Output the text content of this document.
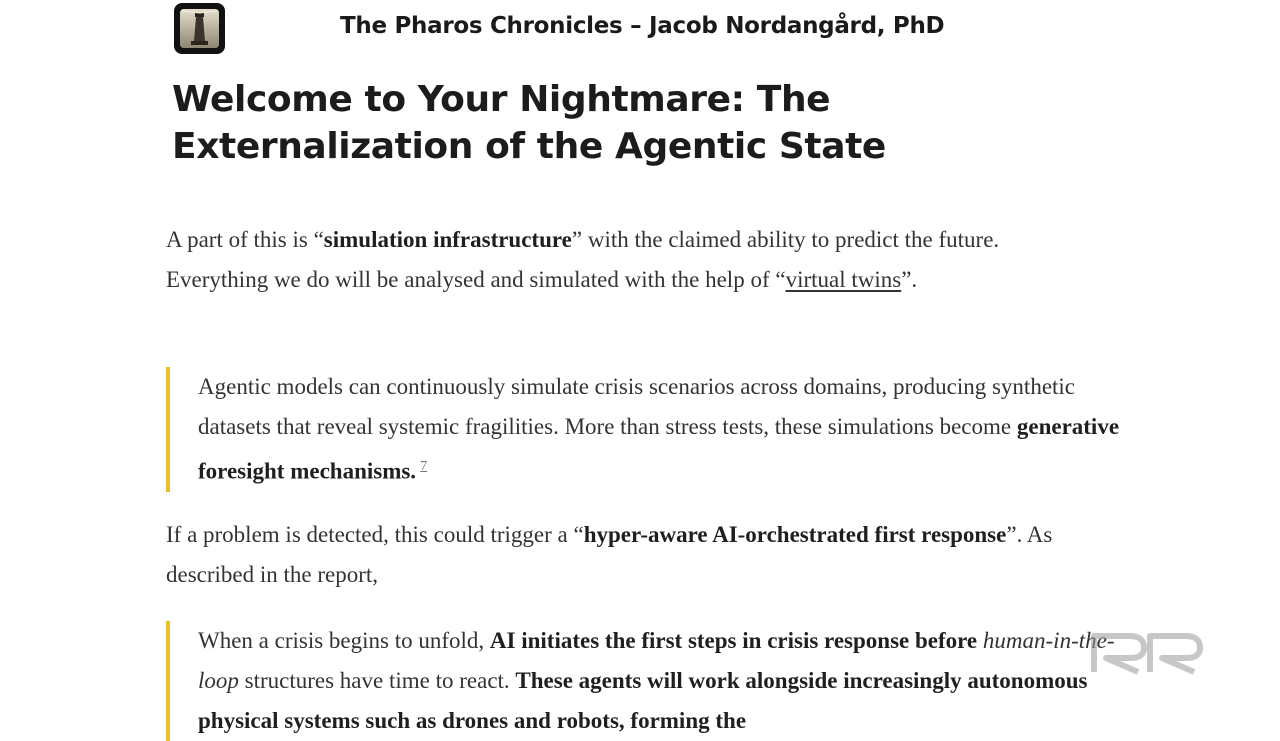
The Pharos Chronicles – Jacob Nordangård, PhD
Welcome to Your Nightmare: The Externalization of the Agentic State

A part of this is “simulation infrastructure” with the claimed ability to predict the future. Everything we do will be analysed and simulated with the help of “virtual twins”.

Agentic models can continuously simulate crisis scenarios across domains, producing synthetic datasets that reveal systemic fragilities. More than stress tests, these simulations become generative foresight mechanisms. $^7$

If a problem is detected, this could trigger a “hyper-aware AI-orchestrated first response”. As described in the report,

When a crisis begins to unfold, AI initiates the first steps in crisis response before human-in-the-loop structures have time to react. These agents will work alongside increasingly autonomous physical systems such as drones and robots, forming the
